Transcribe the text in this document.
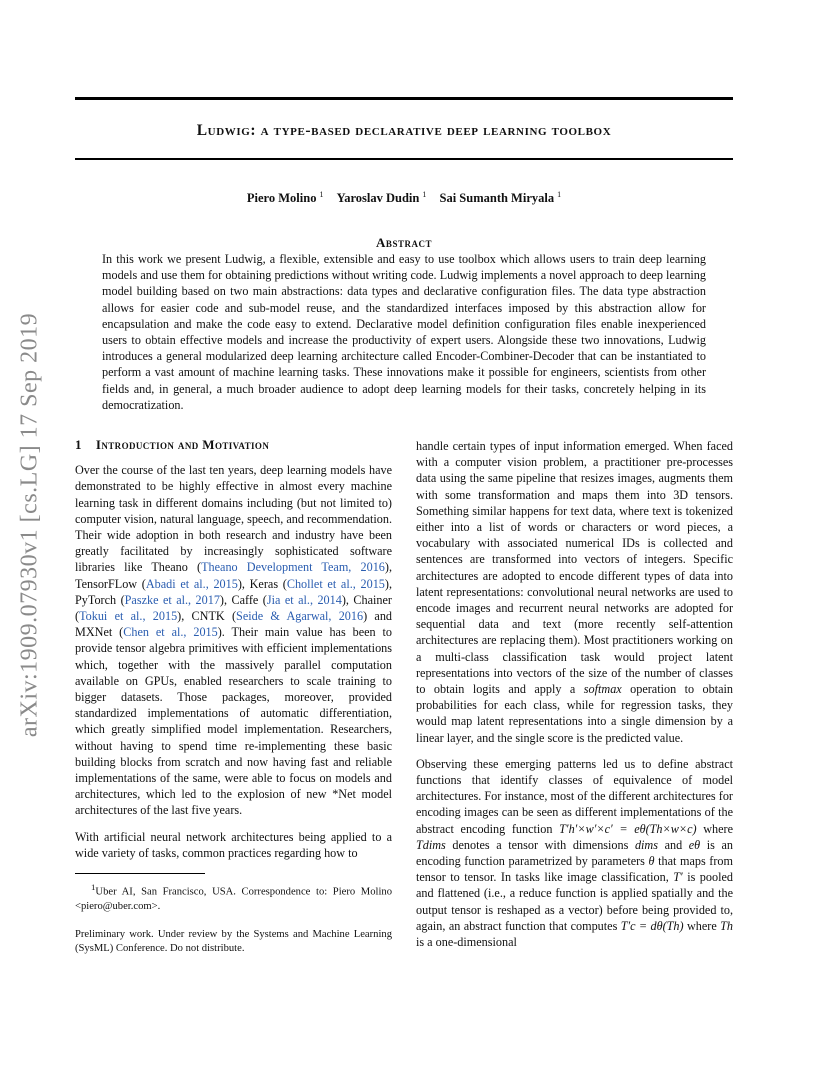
Ludwig: a type-based declarative deep learning toolbox
Piero Molino $^1$ Yaroslav Dudin $^1$ Sai Sumanth Miryala $^1$
Abstract

In this work we present Ludwig, a flexible, extensible and easy to use toolbox which allows users to train deep learning models and use them for obtaining predictions without writing code. Ludwig implements a novel approach to deep learning model building based on two main abstractions: data types and declarative configuration files. The data type abstraction allows for easier code and sub-model reuse, and the standardized interfaces imposed by this abstraction allow for encapsulation and make the code easy to extend. Declarative model definition configuration files enable inexperienced users to obtain effective models and increase the productivity of expert users. Alongside these two innovations, Ludwig introduces a general modularized deep learning architecture called Encoder-Combiner-Decoder that can be instantiated to perform a vast amount of machine learning tasks. These innovations make it possible for engineers, scientists from other fields and, in general, a much broader audience to adopt deep learning models for their tasks, concretely helping in its democratization.

arXiv:1909.07930v1 [cs.LG] 17 Sep 2019	1 Introduction and Motivation

Over the course of the last ten years, deep learning models have demonstrated to be highly effective in almost every machine learning task in different domains including (but not limited to) computer vision, natural language, speech, and recommendation. Their wide adoption in both research and industry have been greatly facilitated by increasingly sophisticated software libraries like Theano (Theano Development Team, 2016), TensorFLow (Abadi et al., 2015), Keras (Chollet et al., 2015), PyTorch (Paszke et al., 2017), Caffe (Jia et al., 2014), Chainer (Tokui et al., 2015), CNTK (Seide & Agarwal, 2016) and MXNet (Chen et al., 2015). Their main value has been to provide tensor algebra primitives with efficient implementations which, together with the massively parallel computation available on GPUs, enabled researchers to scale training to bigger datasets. Those packages, moreover, provided standardized implementations of automatic differentiation, which greatly simplified model implementation. Researchers, without having to spend time re-implementing these basic building blocks from scratch and now having fast and reliable implementations of the same, were able to focus on models and architectures, which led to the explosion of new *Net model architectures of the last five years.

With artificial neural network architectures being applied to a wide variety of tasks, common practices regarding how to

$^1$Uber AI, San Francisco, USA. Correspondence to: Piero Molino <piero@uber.com>.

Preliminary work. Under review by the Systems and Machine Learning (SysML) Conference. Do not distribute.

handle certain types of input information emerged. When faced with a computer vision problem, a practitioner pre-processes data using the same pipeline that resizes images, augments them with some transformation and maps them into 3D tensors. Something similar happens for text data, where text is tokenized either into a list of words or characters or word pieces, a vocabulary with associated numerical IDs is collected and sentences are transformed into vectors of integers. Specific architectures are adopted to encode different types of data into latent representations: convolutional neural networks are used to encode images and recurrent neural networks are adopted for sequential data and text (more recently self-attention architectures are replacing them). Most practitioners working on a multi-class classification task would project latent representations into vectors of the size of the number of classes to obtain logits and apply a softmax operation to obtain probabilities for each class, while for regression tasks, they would map latent representations into a single dimension by a linear layer, and the single score is the predicted value.

Observing these emerging patterns led us to define abstract functions that identify classes of equivalence of model architectures. For instance, most of the different architectures for encoding images can be seen as different implementations of the abstract encoding function T′h′×w′×c′ = eθ(Th×w×c) where Tdims denotes a tensor with dimensions dims and eθ is an encoding function parametrized by parameters θ that maps from tensor to tensor. In tasks like image classification, T′ is pooled and flattened (i.e., a reduce function is applied spatially and the output tensor is reshaped as a vector) before being provided to, again, an abstract function that computes T′c = dθ(Th) where Th is a one-dimensional
